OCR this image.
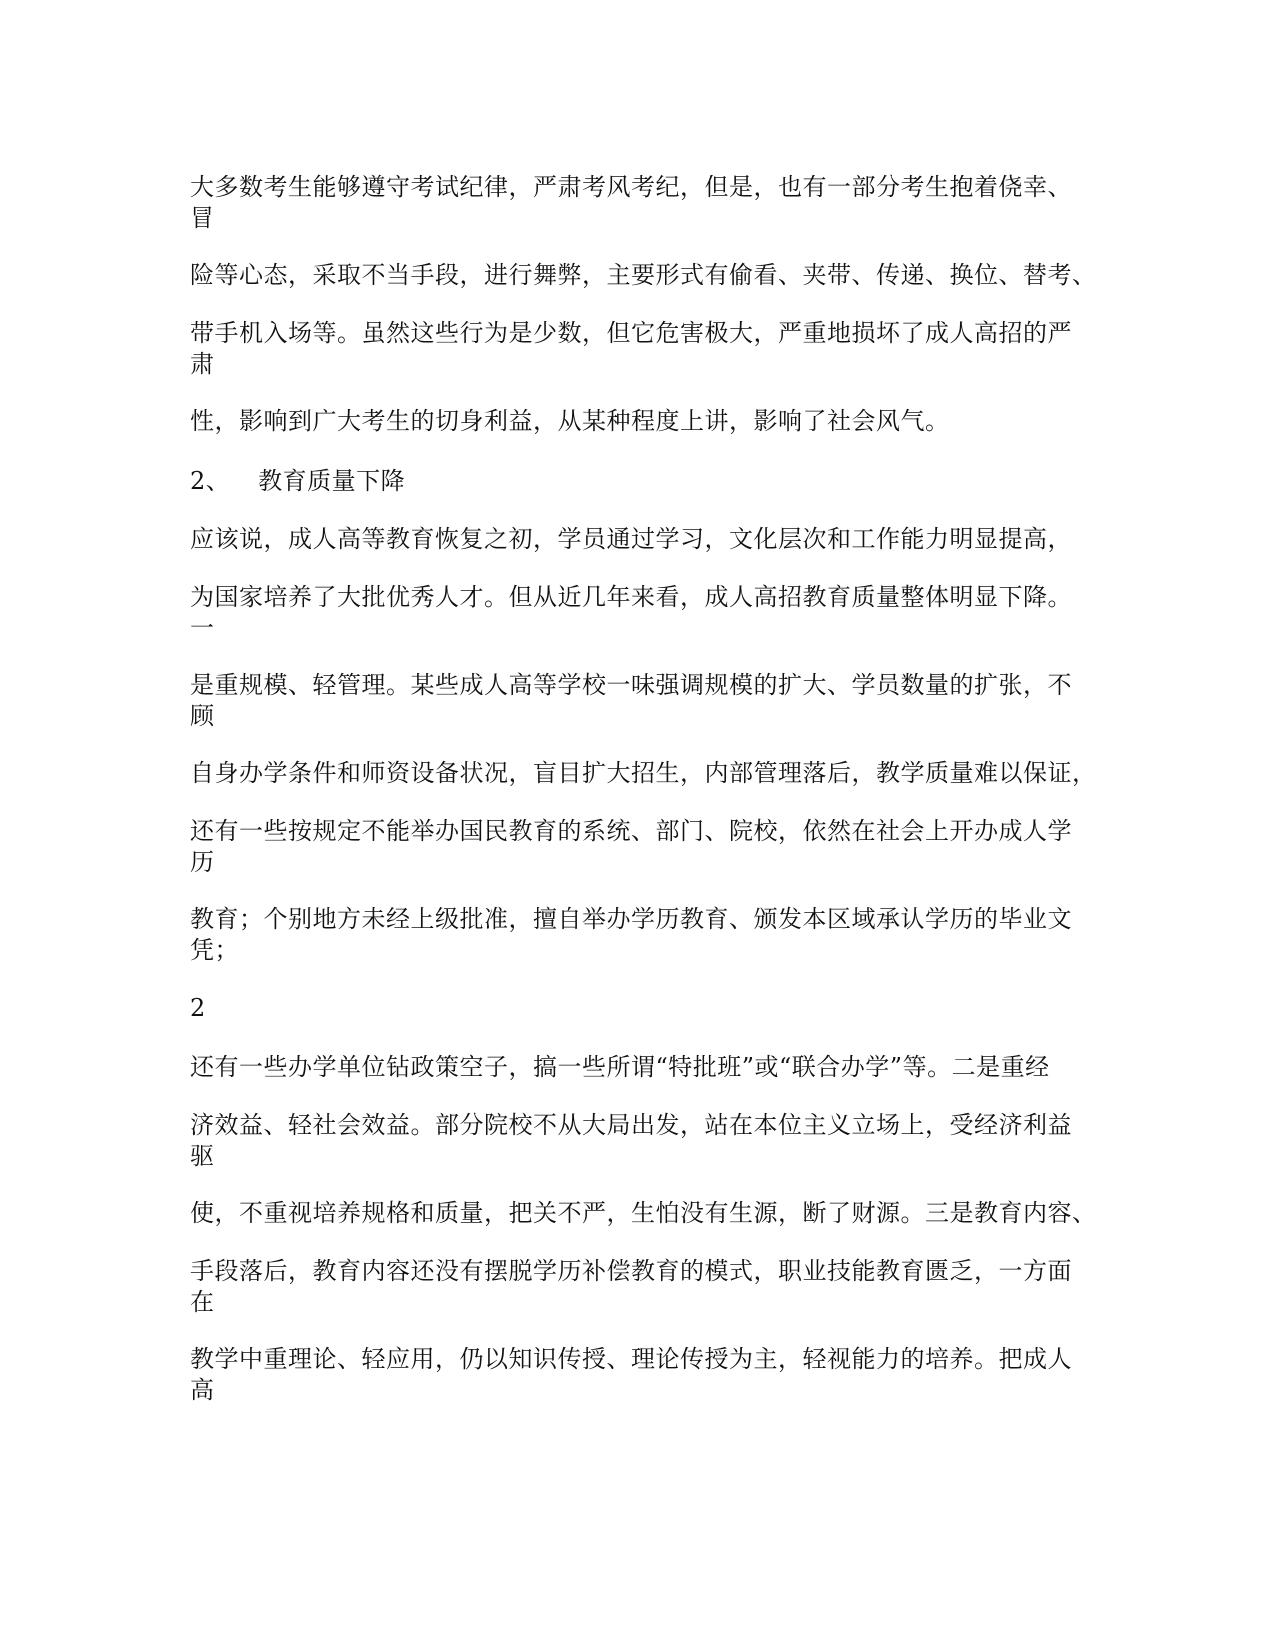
大多数考生能够遵守考试纪律，严肃考风考纪，但是，也有一部分考生抱着侥幸、
冒
险等心态，采取不当手段，进行舞弊，主要形式有偷看、夹带、传递、换位、替考、
带手机入场等。虽然这些行为是少数，但它危害极大，严重地损坏了成人高招的严
肃
性，影响到广大考生的切身利益，从某种程度上讲，影响了社会风气。
2、 教育质量下降
应该说，成人高等教育恢复之初，学员通过学习，文化层次和工作能力明显提高，
为国家培养了大批优秀人才。但从近几年来看，成人高招教育质量整体明显下降。
一
是重规模、轻管理。某些成人高等学校一味强调规模的扩大、学员数量的扩张，不
顾
自身办学条件和师资设备状况，盲目扩大招生，内部管理落后，教学质量难以保证，
还有一些按规定不能举办国民教育的系统、部门、院校，依然在社会上开办成人学
历
教育；个别地方未经上级批准，擅自举办学历教育、颁发本区域承认学历的毕业文
凭；
2
还有一些办学单位钻政策空子，搞一些所谓“特批班”或“联合办学”等。二是重经
济效益、轻社会效益。部分院校不从大局出发，站在本位主义立场上，受经济利益
驱
使，不重视培养规格和质量，把关不严，生怕没有生源，断了财源。三是教育内容、
手段落后，教育内容还没有摆脱学历补偿教育的模式，职业技能教育匮乏，一方面
在
教学中重理论、轻应用，仍以知识传授、理论传授为主，轻视能力的培养。把成人
高
